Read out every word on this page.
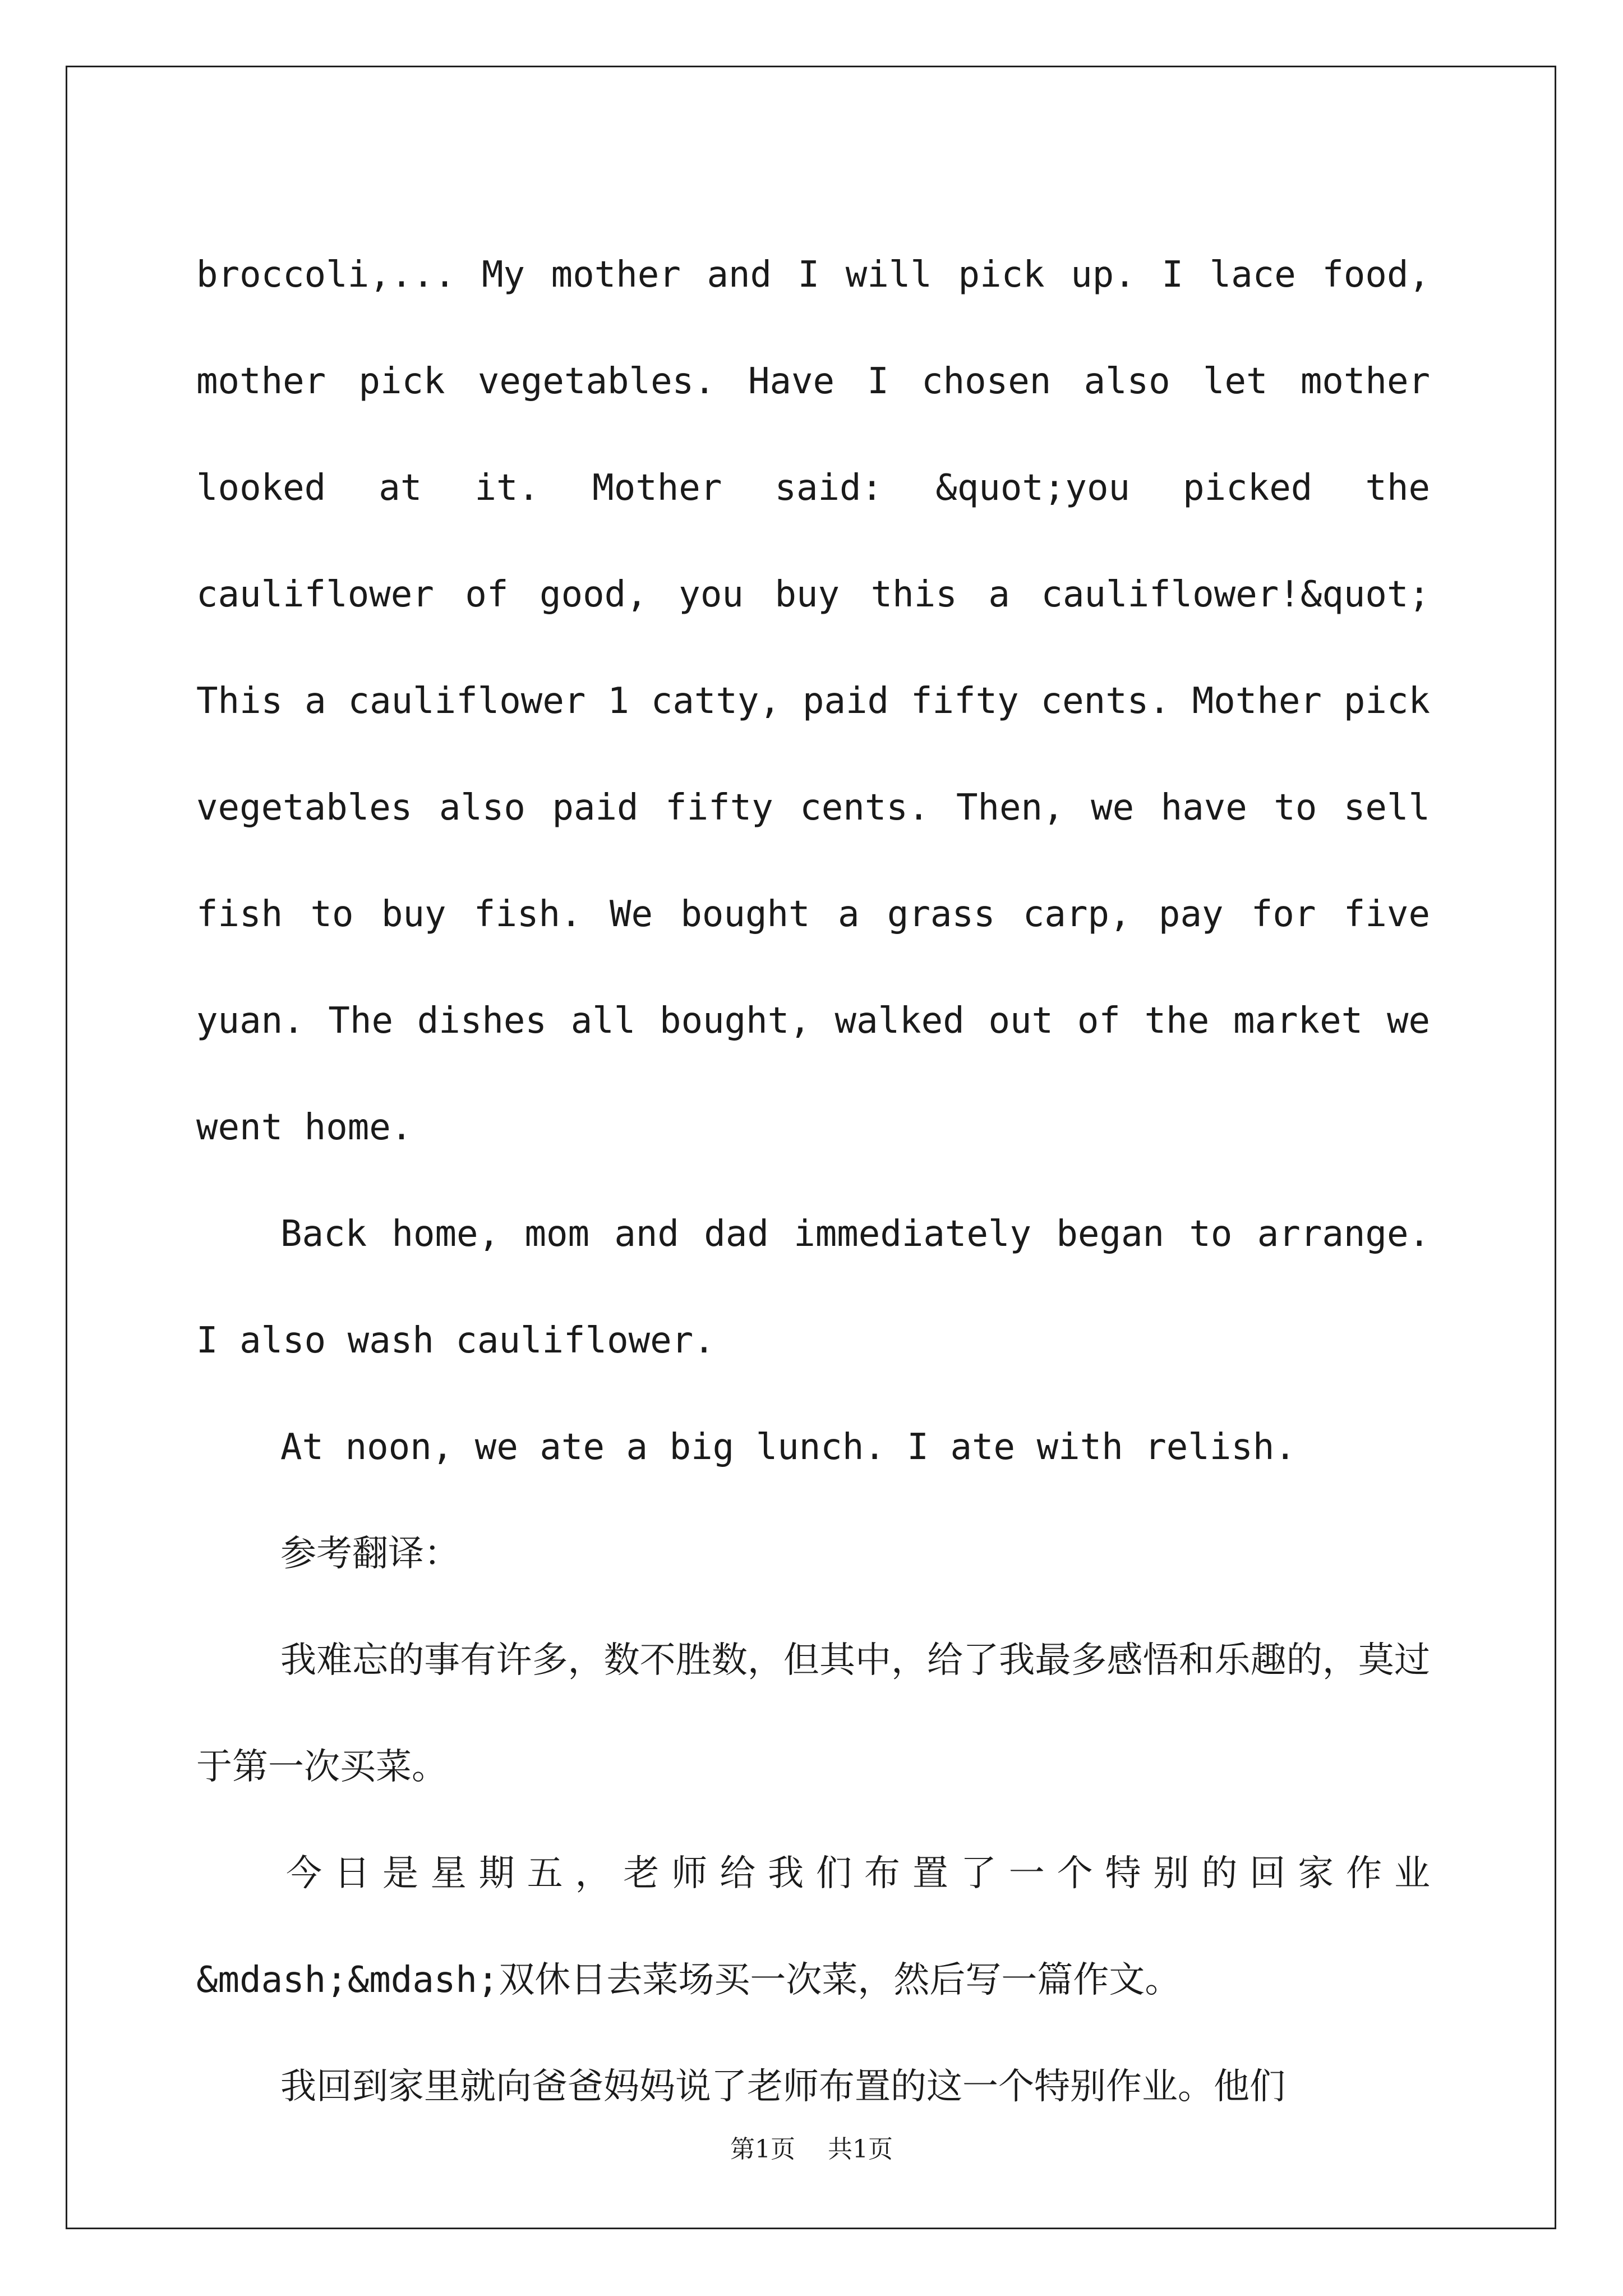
broccoli,... My mother and I will pick up. I lace food, mother pick vegetables. Have I chosen also let mother looked at it. Mother said: &quot;you picked the cauliflower of good, you buy this a cauliflower!&quot; This a cauliflower 1 catty, paid fifty cents. Mother pick vegetables also paid fifty cents. Then, we have to sell fish to buy fish. We bought a grass carp, pay for five yuan. The dishes all bought, walked out of the market we went home.

Back home, mom and dad immediately began to arrange. I also wash cauliflower.

At noon, we ate a big lunch. I ate with relish.

参考翻译：

我难忘的事有许多，数不胜数，但其中，给了我最多感悟和乐趣的，莫过于第一次买菜。

今日是星期五，老师给我们布置了一个特别的回家作业&mdash;&mdash;双休日去菜场买一次菜，然后写一篇作文。

我回到家里就向爸爸妈妈说了老师布置的这一个特别作业。他们

第1页 共1页
